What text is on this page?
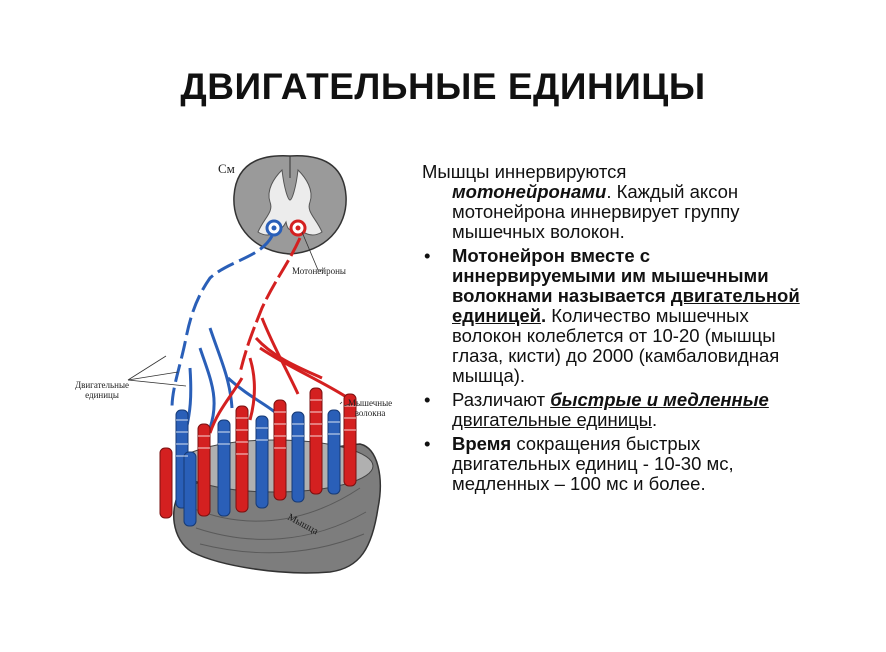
ДВИГАТЕЛЬНЫЕ ЕДИНИЦЫ
См
Мотонейроны
Двигательные
единицы
Мышечные
волокна
Мышца
Мышцы иннервируются
мотонейронами. Каждый аксон мотонейрона иннервирует группу мышечных волокон.
• Мотонейрон вместе с иннервируемыми им мышечными волокнами называется двигательной единицей. Количество мышечных волокон колеблется от 10-20 (мышцы глаза, кисти) до 2000 (камбаловидная мышца).
• Различают быстрые и медленные двигательные единицы.
• Время сокращения быстрых двигательных единиц - 10-30 мс, медленных – 100 мс и более.
